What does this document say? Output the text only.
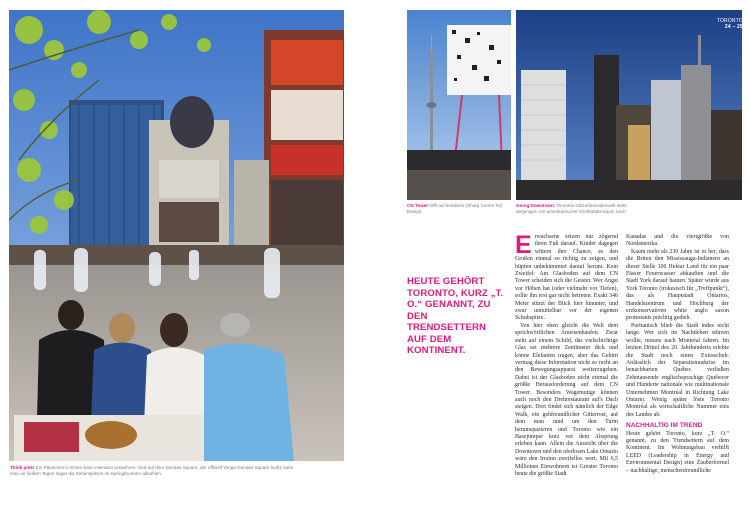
Think pink! Ein Päuschen in Ehren kann niemand verwehren. Und auf dem Dundas Square, der offiziell Yonge-Dundas Square heißt, kann man an heißen Tagen sogar die Zehenspitzen im Springbrunnen abkühlen.

CN Tower trifft auf kreatives (Sharp Centre for) Design.

TORONTO
24 – 25

Going Downtown: Torontos Glitzerfassadenwelt steht derjenigen US-amerikanischer Großstädte kaum nach

HEUTE GEHÖRT TORONTO, KURZ „T. O.“ GENANNT, ZU DEN TRENDSETTERN AUF DEM KONTINENT.

Erwachsene setzen nur zögernd ihren Fuß darauf. Kinder dagegen wittern ihre Chance, es den Großen einmal so richtig zu zeigen, und hüpfen unbekümmert darauf herum. Kein Zweifel: Am Glasboden auf dem CN Tower scheiden sich die Geister. Wer Angst vor Höhen hat (oder vielmehr vor Tiefen), sollte ihn erst gar nicht betreten. Exakt 346 Meter stürzt der Blick hier hinunter, und zwar unmittelbar vor der eigenen Schuhspitze.

Von hier oben gleicht die Welt dem sprichwörtlichen Ameisenhaufen. Zwar steht auf einem Schild, das vielschichtige Glas sei mehrere Zentimeter dick und könne Elefanten tragen, aber das Gehirn vermag diese Information nicht so recht an den Bewegungsapparat weiterzugeben. Dabei ist der Glasboden nicht einmal die größte Herausforderung auf dem CN Tower. Besonders Wagemutige können auch noch den Drehrestaurant auf's Dach steigen. Dort findet sich nämlich der Edge Walk, ein gehfreundlicher Gitterrost, auf dem man rund um den Turm herumspazieren und Toronto wie ein Basejumper kurz vor dem Absprung erleben kann. Allein die Aussicht über die Downtown und den uferlosen Lake Ontario wäre den Irrsinn zweifellos wert. Mit 6,5 Millionen Einwohnern ist Greater Toronto heute die größte Stadt

Kanadas und die viertgrößte von Nordamerika.

Kaum mehr als 230 Jahre ist es her, dass die Briten den Mississauga-Indianern an dieser Stelle 100 Hektar Land für ein paar Fässer Feuerwasser abkauften und die Stadt York darauf bauten. Später wurde aus York Toronto (irokesisch für „Treffpunkt“), das als Hauptstadt Ontarios, Handelszentrum und Hochburg der erzkonservativen white anglo saxon protestants prächtig gedieh.

Puritanisch blieb die Stadt indes nicht lange. Wer sich im Nachtleben stürzen wollte, musste nach Montréal fahren. Im letzten Drittel des 20. Jahrhunderts erlebte die Stadt noch einen Extraschub. Anlässlich der Separatismuskrise im benachbarten Québec verließen Zehntausende englischsprachige Quebecer und Hunderte nationale wie multinationale Unternehmen Montréal in Richtung Lake Ontario. Wenig später löste Toronto Montréal als wirtschaftliche Nummer eins des Landes ab.

NACHHALTIG IM TREND

Heute gehört Toronto, kurz „T. O.“ genannt, zu den Trendsettern auf dem Kontinent. Im Wohnungsbau verhilft LEED (Leadership in Energy and Environmental Design) eine Zauberformel – nachhaltige, menschenfreundliche
